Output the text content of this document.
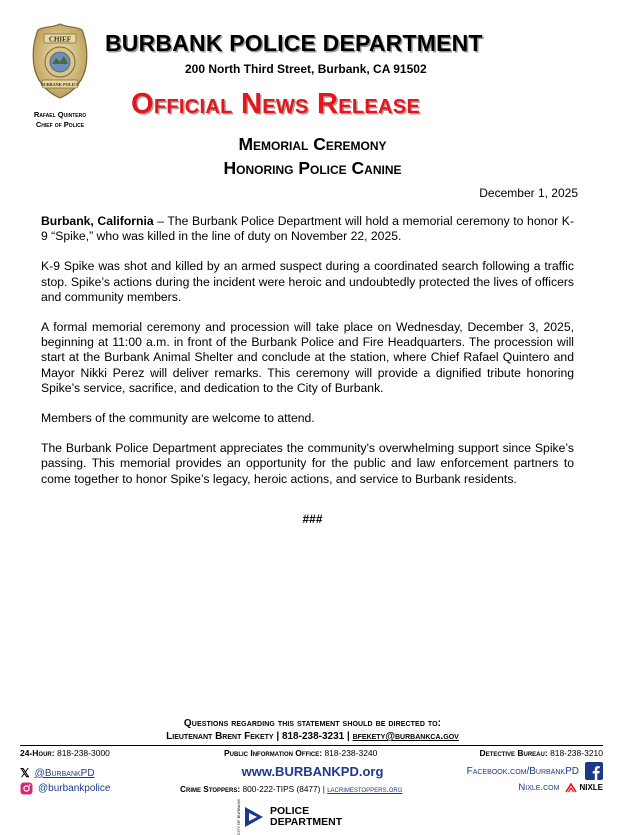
CHIEF
BURBANK POLICE
BURBANK POLICE DEPARTMENT
200 North Third Street, Burbank, CA 91502
Rafael Quintero
Chief of Police
Official News Release
Memorial Ceremony
Honoring Police Canine
December 1, 2025

Burbank, California – The Burbank Police Department will hold a memorial ceremony to honor K-9 “Spike,” who was killed in the line of duty on November 22, 2025.

K-9 Spike was shot and killed by an armed suspect during a coordinated search following a traffic stop. Spike’s actions during the incident were heroic and undoubtedly protected the lives of officers and community members.

A formal memorial ceremony and procession will take place on Wednesday, December 3, 2025, beginning at 11:00 a.m. in front of the Burbank Police and Fire Headquarters. The procession will start at the Burbank Animal Shelter and conclude at the station, where Chief Rafael Quintero and Mayor Nikki Perez will deliver remarks. This ceremony will provide a dignified tribute honoring Spike’s service, sacrifice, and dedication to the City of Burbank.

Members of the community are welcome to attend.

The Burbank Police Department appreciates the community's overwhelming support since Spike’s passing. This memorial provides an opportunity for the public and law enforcement partners to come together to honor Spike’s legacy, heroic actions, and service to Burbank residents.

###
Questions regarding this statement should be directed to:
Lieutenant Brent Fekety | 818-238-3231 | bfekety@burbankca.gov
24-Hour: 818-238-3000	Public Information Office: 818-238-3240	Detective Bureau: 818-238-3210
𝕏 @BurbankPD	www.BURBANKPD.org	Facebook.com/BurbankPD
@burbankpolice	Crime Stoppers: 800-222-TIPS (8477) | lacrimestoppers.org	Nixle.com	NIXLE
CITY OF BURBANK	POLICE
DEPARTMENT
